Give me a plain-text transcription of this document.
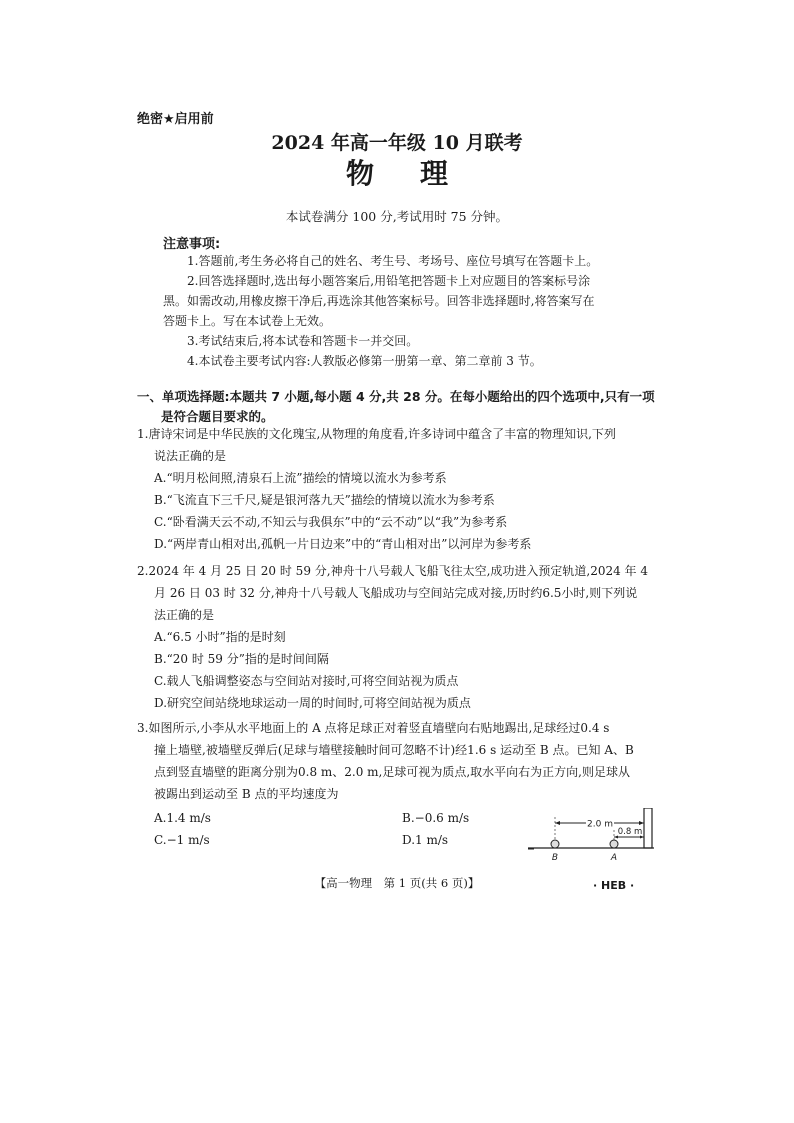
绝密★启用前
2024 年高一年级 10 月联考
物理
本试卷满分 100 分,考试用时 75 分钟。
注意事项:
1.答题前,考生务必将自己的姓名、考生号、考场号、座位号填写在答题卡上。
2.回答选择题时,选出每小题答案后,用铅笔把答题卡上对应题目的答案标号涂
黑。如需改动,用橡皮擦干净后,再选涂其他答案标号。回答非选择题时,将答案写在
答题卡上。写在本试卷上无效。
3.考试结束后,将本试卷和答题卡一并交回。
4.本试卷主要考试内容:人教版必修第一册第一章、第二章前 3 节。
一、单项选择题:本题共 7 小题,每小题 4 分,共 28 分。在每小题给出的四个选项中,只有一项
是符合题目要求的。
1.唐诗宋词是中华民族的文化瑰宝,从物理的角度看,许多诗词中蕴含了丰富的物理知识,下列
说法正确的是
A.“明月松间照,清泉石上流”描绘的情境以流水为参考系
B.“飞流直下三千尺,疑是银河落九天”描绘的情境以流水为参考系
C.“卧看满天云不动,不知云与我俱东”中的“云不动”以“我”为参考系
D.“两岸青山相对出,孤帆一片日边来”中的“青山相对出”以河岸为参考系
2.2024 年 4 月 25 日 20 时 59 分,神舟十八号载人飞船飞往太空,成功进入预定轨道,2024 年 4
月 26 日 03 时 32 分,神舟十八号载人飞船成功与空间站完成对接,历时约6.5小时,则下列说
法正确的是
A.“6.5 小时”指的是时刻
B.“20 时 59 分”指的是时间间隔
C.载人飞船调整姿态与空间站对接时,可将空间站视为质点
D.研究空间站绕地球运动一周的时间时,可将空间站视为质点
3.如图所示,小李从水平地面上的 A 点将足球正对着竖直墙壁向右贴地踢出,足球经过0.4 s
撞上墙壁,被墙壁反弹后(足球与墙壁接触时间可忽略不计)经1.6 s 运动至 B 点。已知 A、B
点到竖直墙壁的距离分别为0.8 m、2.0 m,足球可视为质点,取水平向右为正方向,则足球从
被踢出到运动至 B 点的平均速度为
A.1.4 m/s	B.−0.6 m/s
C.−1 m/s	D.1 m/s
2.0 m
0.8 m
B	A
【高一物理　第 1 页(共 6 页)】	· HEB ·
